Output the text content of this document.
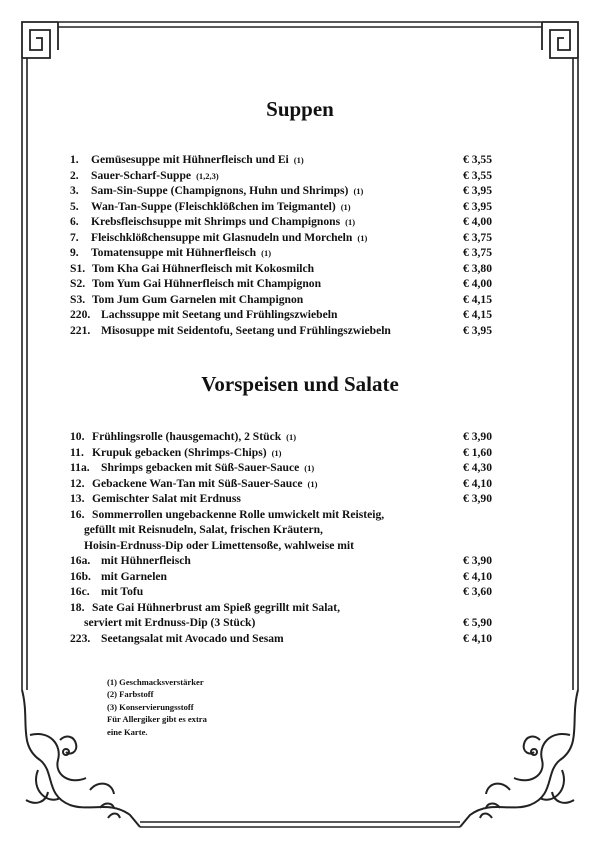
Suppen
1. Gemüsesuppe mit Hühnerfleisch und Ei (1)	€ 3,55
2. Sauer-Scharf-Suppe (1,2,3)	€ 3,55
3. Sam-Sin-Suppe (Champignons, Huhn und Shrimps) (1)	€ 3,95
5. Wan-Tan-Suppe (Fleischklößchen im Teigmantel) (1)	€ 3,95
6. Krebsfleischsuppe mit Shrimps und Champignons (1)	€ 4,00
7. Fleischklößchensuppe mit Glasnudeln und Morcheln (1)	€ 3,75
9. Tomatensuppe mit Hühnerfleisch (1)	€ 3,75
S1. Tom Kha Gai Hühnerfleisch mit Kokosmilch	€ 3,80
S2. Tom Yum Gai Hühnerfleisch mit Champignon	€ 4,00
S3. Tom Jum Gum Garnelen mit Champignon	€ 4,15
220. Lachssuppe mit Seetang und Frühlingszwiebeln	€ 4,15
221. Misosuppe mit Seidentofu, Seetang und Frühlingszwiebeln	€ 3,95
Vorspeisen und Salate
10. Frühlingsrolle (hausgemacht), 2 Stück (1)	€ 3,90
11. Krupuk gebacken (Shrimps-Chips) (1)	€ 1,60
11a. Shrimps gebacken mit Süß-Sauer-Sauce (1)	€ 4,30
12. Gebackene Wan-Tan mit Süß-Sauer-Sauce (1)	€ 4,10
13. Gemischter Salat mit Erdnuss	€ 3,90
16. Sommerrollen ungebackenne Rolle umwickelt mit Reisteig,
gefüllt mit Reisnudeln, Salat, frischen Kräutern,
Hoisin-Erdnuss-Dip oder Limettensoße, wahlweise mit
16a. mit Hühnerfleisch	€ 3,90
16b. mit Garnelen	€ 4,10
16c. mit Tofu	€ 3,60
18. Sate Gai Hühnerbrust am Spieß gegrillt mit Salat,
serviert mit Erdnuss-Dip (3 Stück)	€ 5,90
223. Seetangsalat mit Avocado und Sesam	€ 4,10
(1) Geschmacksverstärker
(2) Farbstoff
(3) Konservierungsstoff
Für Allergiker gibt es extra
eine Karte.
